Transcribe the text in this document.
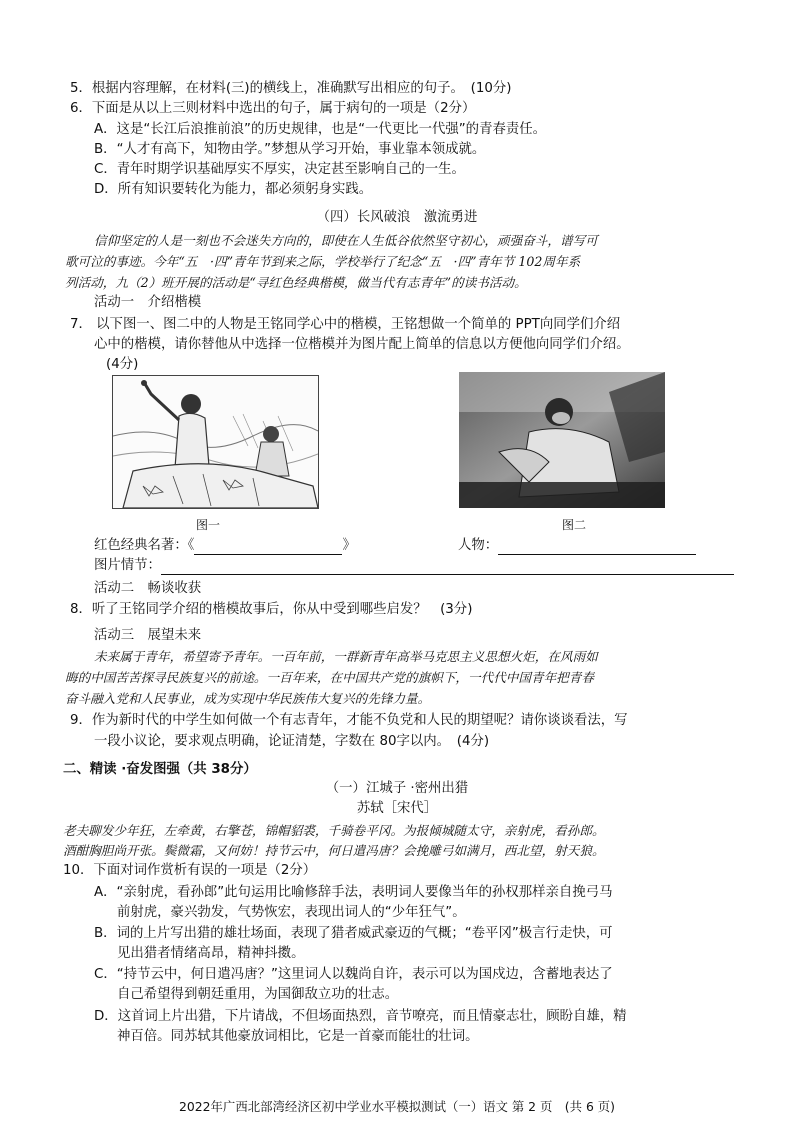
5．根据内容理解，在材料(三)的横线上，准确默写出相应的句子。　(10分)
6．下面是从以上三则材料中选出的句子，属于病句的一项是（2分）
A．这是“长江后浪推前浪”的历史规律，也是“一代更比一代强”的青春责任。
B．“人才有高下，知物由学。”梦想从学习开始，事业靠本领成就。
C．青年时期学识基础厚实不厚实，决定甚至影响自己的一生。
D．所有知识要转化为能力，都必须躬身实践。
（四）长风破浪　激流勇进
信仰坚定的人是一刻也不会迷失方向的，即使在人生低谷依然坚守初心，顽强奋斗，谱写可
歌可泣的事迹。今年“五　·四”青年节到来之际，学校举行了纪念“五　·四”青年节 102周年系
列活动，九（2）班开展的活动是“寻红色经典楷模，做当代有志青年”的读书活动。
活动一　介绍楷模
7． 以下图一、图二中的人物是王铭同学心中的楷模，王铭想做一个简单的 PPT向同学们介绍
心中的楷模，请你替他从中选择一位楷模并为图片配上简单的信息以方便他向同学们介绍。
(4分)
图一	图二
红色经典名著：《	》	人物：
图片情节：
活动二　畅谈收获
8．听了王铭同学介绍的楷模故事后，你从中受到哪些启发？　(3分)
活动三　展望未来
未来属于青年，希望寄予青年。一百年前，一群新青年高举马克思主义思想火炬，在风雨如
晦的中国苦苦探寻民族复兴的前途。一百年来，在中国共产党的旗帜下，一代代中国青年把青春
奋斗融入党和人民事业，成为实现中华民族伟大复兴的先锋力量。
9．作为新时代的中学生如何做一个有志青年，才能不负党和人民的期望呢？请你谈谈看法，写
一段小议论，要求观点明确，论证清楚，字数在 80字以内。　(4分)
二、精读 ·奋发图强（共 38分）
（一）江城子 ·密州出猎
苏轼［宋代］
老夫聊发少年狂，左牵黄，右擎苍，锦帽貂裘，千骑卷平冈。为报倾城随太守，亲射虎，看孙郎。
酒酣胸胆尚开张。鬓微霜，又何妨！持节云中，何日遣冯唐？会挽雕弓如满月，西北望，射天狼。
10．下面对词作赏析有误的一项是（2分）
A．“亲射虎，看孙郎”此句运用比喻修辞手法，表明词人要像当年的孙权那样亲自挽弓马
前射虎，豪兴勃发，气势恢宏，表现出词人的“少年狂气”。
B．词的上片写出猎的雄壮场面，表现了猎者威武豪迈的气概；“卷平冈”极言行走快，可
见出猎者情绪高昂，精神抖擞。
C．“持节云中，何日遣冯唐？”这里词人以魏尚自许，表示可以为国戍边，含蓄地表达了
自己希望得到朝廷重用，为国御敌立功的壮志。
D．这首词上片出猎，下片请战，不但场面热烈，音节嘹亮，而且情豪志壮，顾盼自雄，精
神百倍。同苏轼其他豪放词相比，它是一首豪而能壮的壮词。
2022年广西北部湾经济区初中学业水平模拟测试（一）语文 第 2 页　(共 6 页)
